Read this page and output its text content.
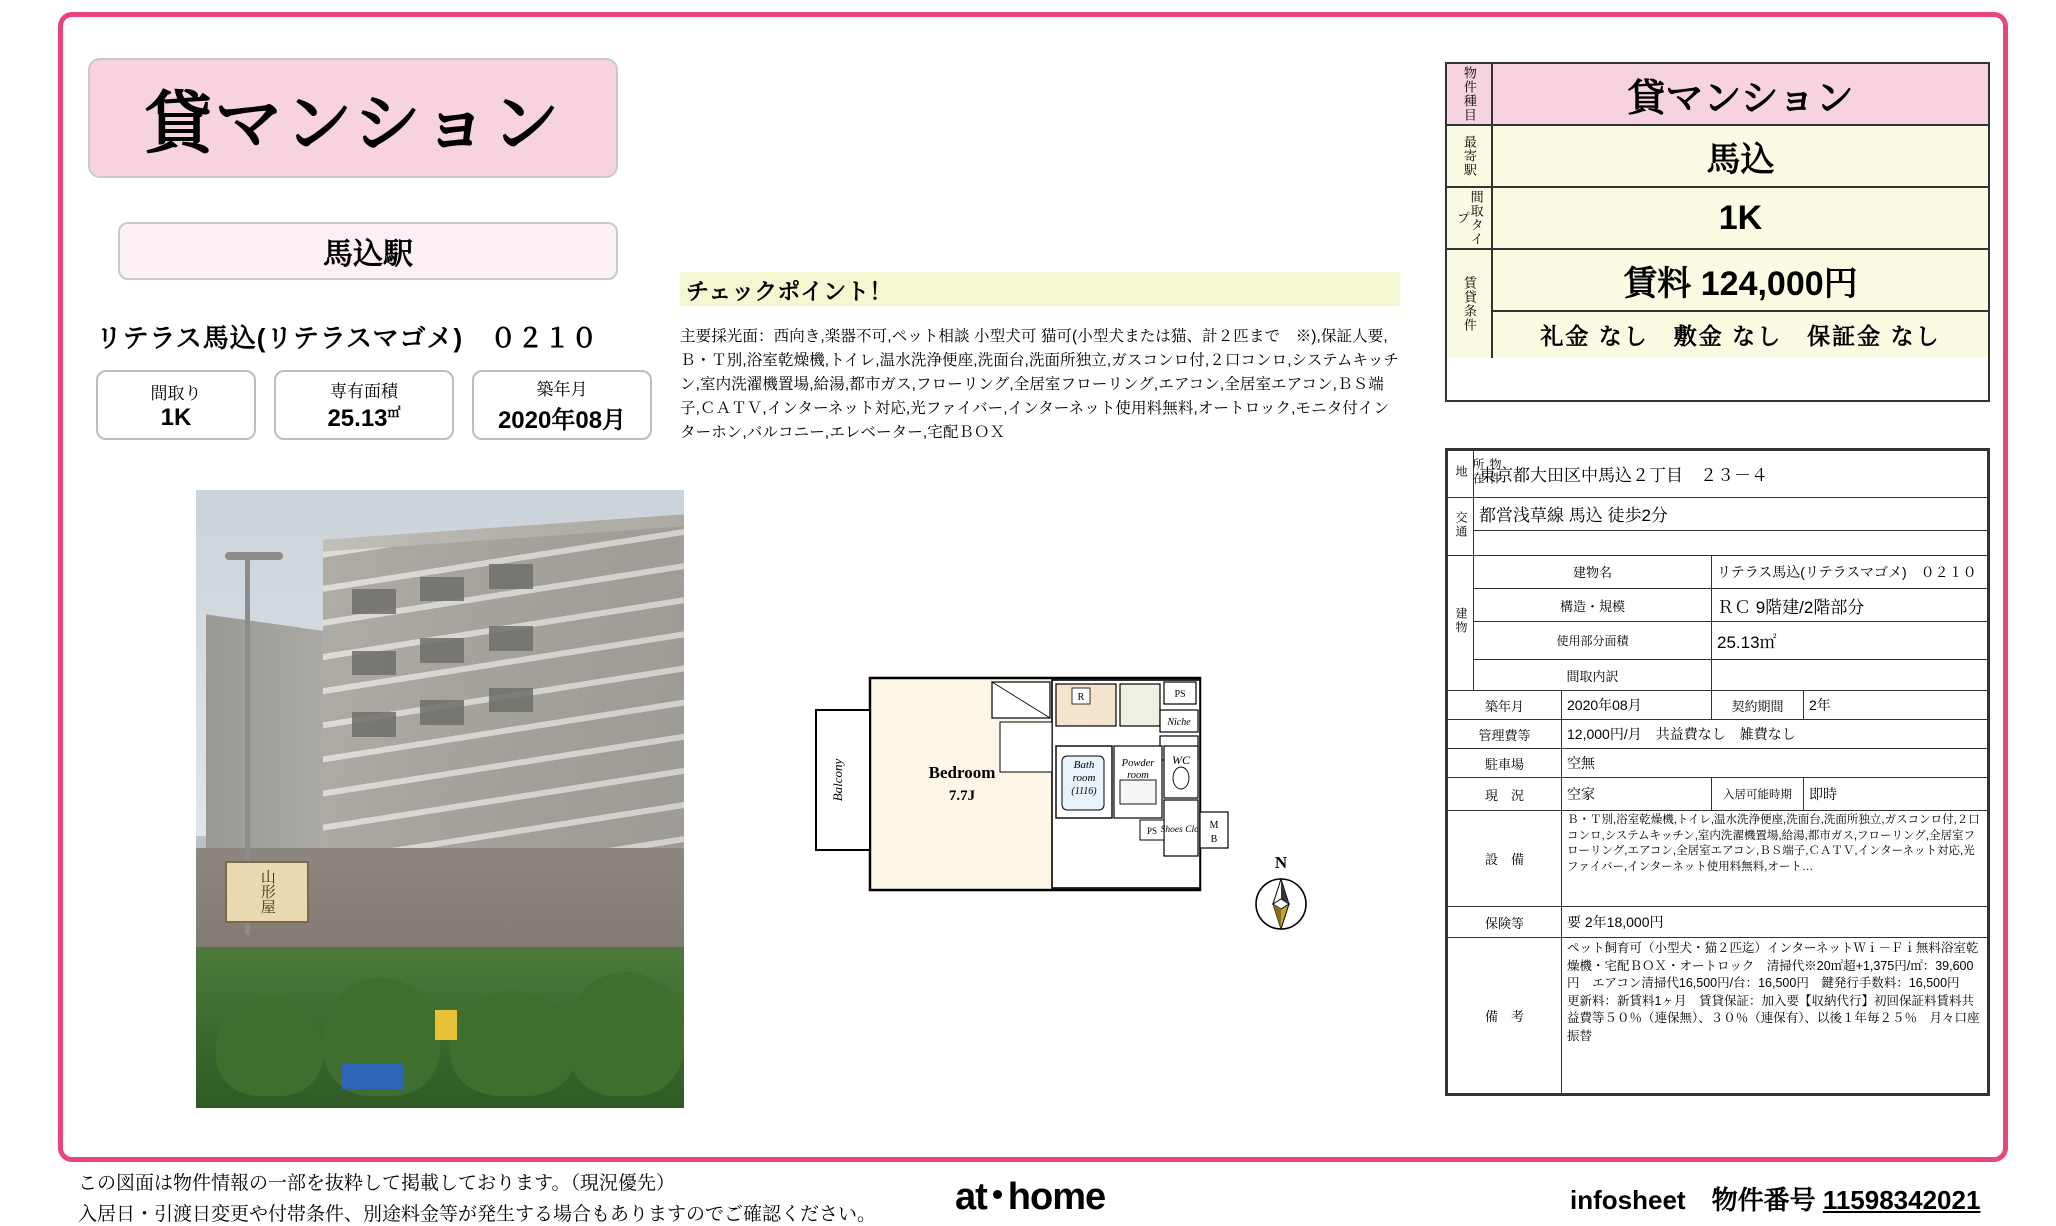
貸マンション
馬込駅
リテラス馬込(リテラスマゴメ)　０２１０
間取り
1K
専有面積
25.13㎡
築年月
2020年08月
チェックポイント！
主要採光面：西向き,楽器不可,ペット相談 小型犬可 猫可(小型犬または猫、計２匹まで　※),保証人要,Ｂ・Ｔ別,浴室乾燥機,トイレ,温水洗浄便座,洗面台,洗面所独立,ガスコンロ付,２口コンロ,システムキッチン,室内洗濯機置場,給湯,都市ガス,フローリング,全居室フローリング,エアコン,全居室エアコン,ＢＳ端子,ＣＡＴＶ,インターネット対応,光ファイバー,インターネット使用料無料,オートロック,モニタ付インターホン,バルコニー,エレベーター,宅配ＢＯＸ
山形屋
PS
Niche
PS	M
B
R
Bedroom
7.7J
Balcony	Bath
room
(1116)
Powder
room
WC
Shoes Clo.
N
物件種目	貸マンション
最寄駅	馬込
間取タイプ	1K
賃貸条件	賃料 124,000円
礼金 なし　敷金 なし　保証金 なし
物件所在地	東京都大田区中馬込２丁目　２３－４			
交通	都営浅草線 馬込 徒歩2分			

建物	建物名		リテラス馬込(リテラスマゴメ)　０２１０	
	構造・規模		ＲＣ 9階建/2階部分	
	使用部分面積		25.13㎡	
	間取内訳			
築年月		2020年08月	契約期間	2年
管理費等		12,000円/月　共益費なし　雑費なし		
駐車場		空無		
現　況		空家	入居可能時期	即時
設　備		Ｂ・Ｔ別,浴室乾燥機,トイレ,温水洗浄便座,洗面台,洗面所独立,ガスコンロ付,２口コンロ,システムキッチン,室内洗濯機置場,給湯,都市ガス,フローリング,全居室フローリング,エアコン,全居室エアコン,ＢＳ端子,ＣＡＴＶ,インターネット対応,光ファイバー,インターネット使用料無料,オート…		
保険等		要 2年18,000円		
備　考		ペット飼育可（小型犬・猫２匹迄）インターネットＷｉ－Ｆｉ無料浴室乾燥機・宅配ＢＯＸ・オートロック　清掃代※20㎡超+1,375円/㎡：39,600円　エアコン清掃代16,500円/台：16,500円　鍵発行手数料：16,500円　更新料：新賃料1ヶ月　賃貸保証：加入要【収納代行】初回保証料賃料共益費等５０％（連保無）、３０％（連保有）、以後１年毎２５％　月々口座振替		
この図面は物件情報の一部を抜粋して掲載しております。（現況優先）
入居日・引渡日変更や付帯条件、別途料金等が発生する場合もありますのでご確認ください。 at home	infosheet　物件番号 11598342021
